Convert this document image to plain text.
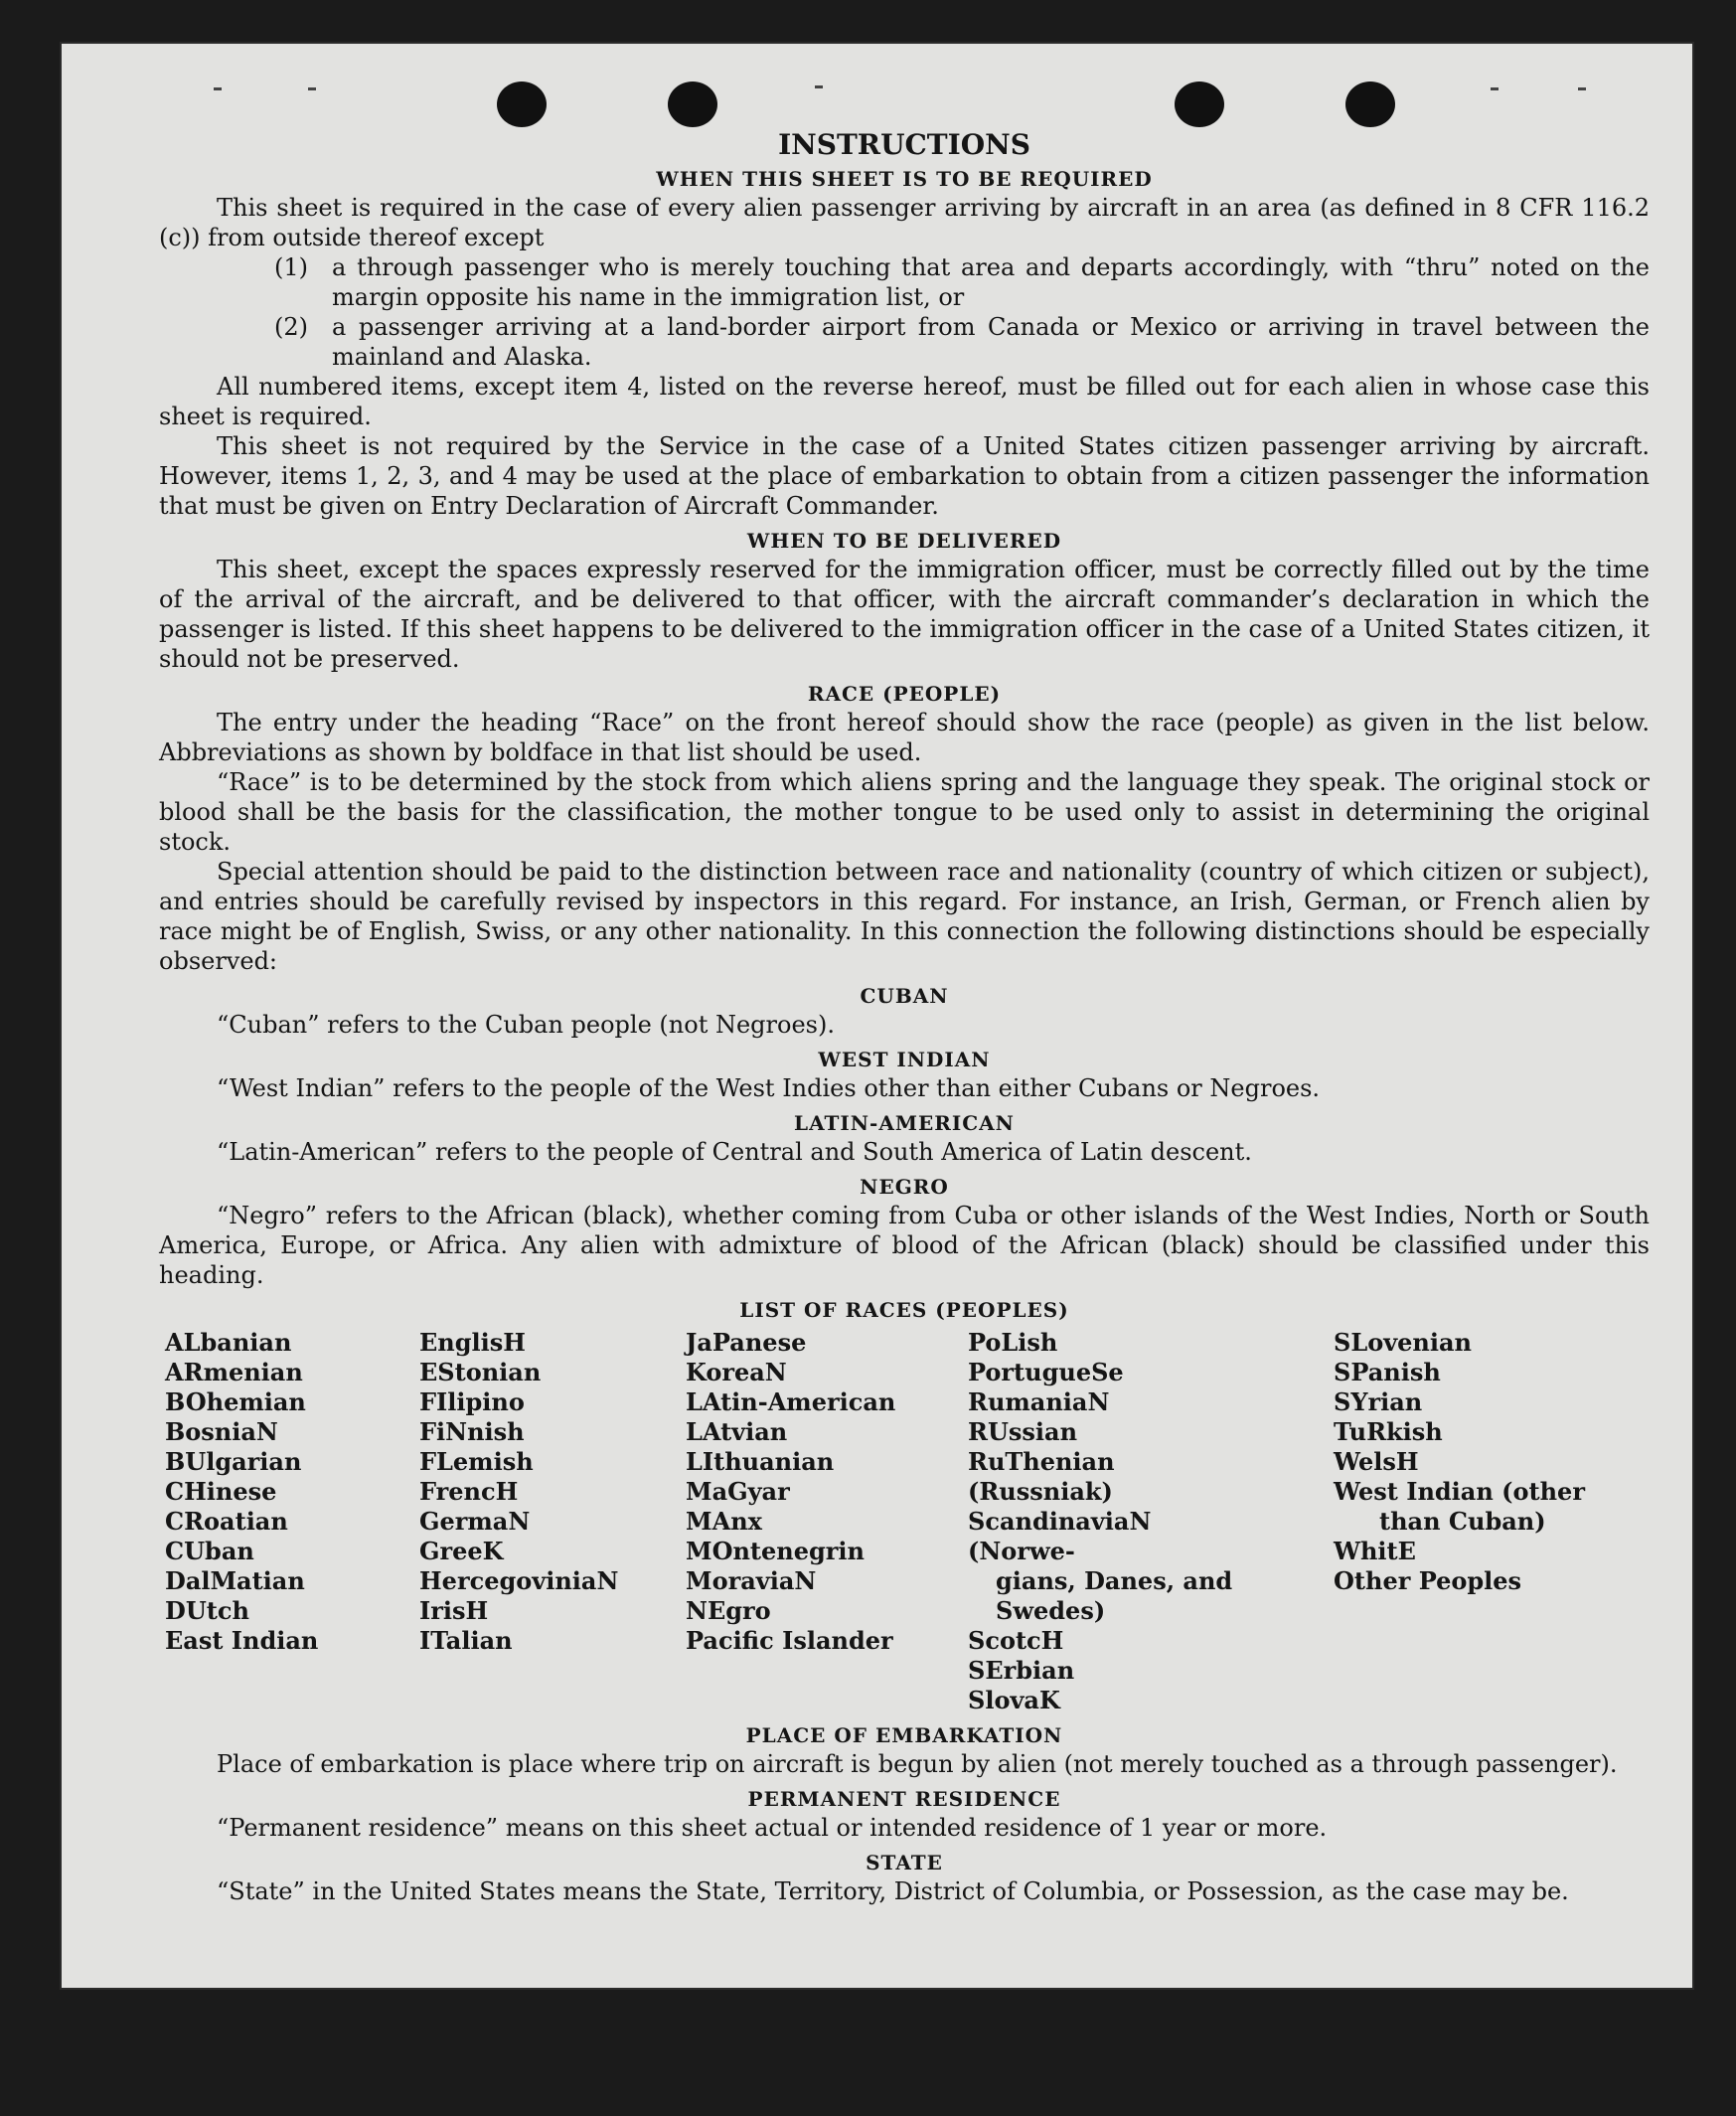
INSTRUCTIONS
WHEN THIS SHEET IS TO BE REQUIRED

This sheet is required in the case of every alien passenger arriving by aircraft in an area (as defined in 8 CFR 116.2 (c)) from outside thereof except

(1)	a through passenger who is merely touching that area and departs accordingly, with “thru” noted on the margin opposite his name in the immigration list, or
(2)	a passenger arriving at a land-border airport from Canada or Mexico or arriving in travel between the mainland and Alaska.

All numbered items, except item 4, listed on the reverse hereof, must be filled out for each alien in whose case this sheet is required.

This sheet is not required by the Service in the case of a United States citizen passenger arriving by aircraft. However, items 1, 2, 3, and 4 may be used at the place of embarkation to obtain from a citizen passenger the information that must be given on Entry Declaration of Aircraft Commander.

WHEN TO BE DELIVERED

This sheet, except the spaces expressly reserved for the immigration officer, must be correctly filled out by the time of the arrival of the aircraft, and be delivered to that officer, with the aircraft commander’s declaration in which the passenger is listed. If this sheet happens to be delivered to the immigration officer in the case of a United States citizen, it should not be preserved.

RACE (PEOPLE)

The entry under the heading “Race” on the front hereof should show the race (people) as given in the list below. Abbreviations as shown by boldface in that list should be used.

“Race” is to be determined by the stock from which aliens spring and the language they speak. The original stock or blood shall be the basis for the classification, the mother tongue to be used only to assist in determining the original stock.

Special attention should be paid to the distinction between race and nationality (country of which citizen or subject), and entries should be carefully revised by inspectors in this regard. For instance, an Irish, German, or French alien by race might be of English, Swiss, or any other nationality. In this connection the following distinctions should be especially observed:

CUBAN

“Cuban” refers to the Cuban people (not Negroes).

WEST INDIAN

“West Indian” refers to the people of the West Indies other than either Cubans or Negroes.

LATIN-AMERICAN

“Latin-American” refers to the people of Central and South America of Latin descent.

NEGRO

“Negro” refers to the African (black), whether coming from Cuba or other islands of the West Indies, North or South America, Europe, or Africa. Any alien with admixture of blood of the African (black) should be classified under this heading.

LIST OF RACES (PEOPLES)
ALbanian
ARmenian
BOhemian
BosniaN
BUlgarian
CHinese
CRoatian
CUban
DalMatian
DUtch
East Indian
EnglisH
EStonian
FIlipino
FiNnish
FLemish
FrencH
GermaN
GreeK
HercegoviniaN
IrisH
ITalian
JaPanese
KoreaN
LAtin-American
LAtvian
LIthuanian
MaGyar
MAnx
MOntenegrin
MoraviaN
NEgro
Pacific Islander
PoLish
PortugueSe
RumaniaN
RUssian
RuThenian (Russniak)
ScandinaviaN (Norwe-
gians, Danes, and
Swedes)
ScotcH
SErbian
SlovaK
SLovenian
SPanish
SYrian
TuRkish
WelsH
West Indian (other
than Cuban)
WhitE
Other Peoples
PLACE OF EMBARKATION

Place of embarkation is place where trip on aircraft is begun by alien (not merely touched as a through passenger).

PERMANENT RESIDENCE

“Permanent residence” means on this sheet actual or intended residence of 1 year or more.

STATE

“State” in the United States means the State, Territory, District of Columbia, or Possession, as the case may be.
